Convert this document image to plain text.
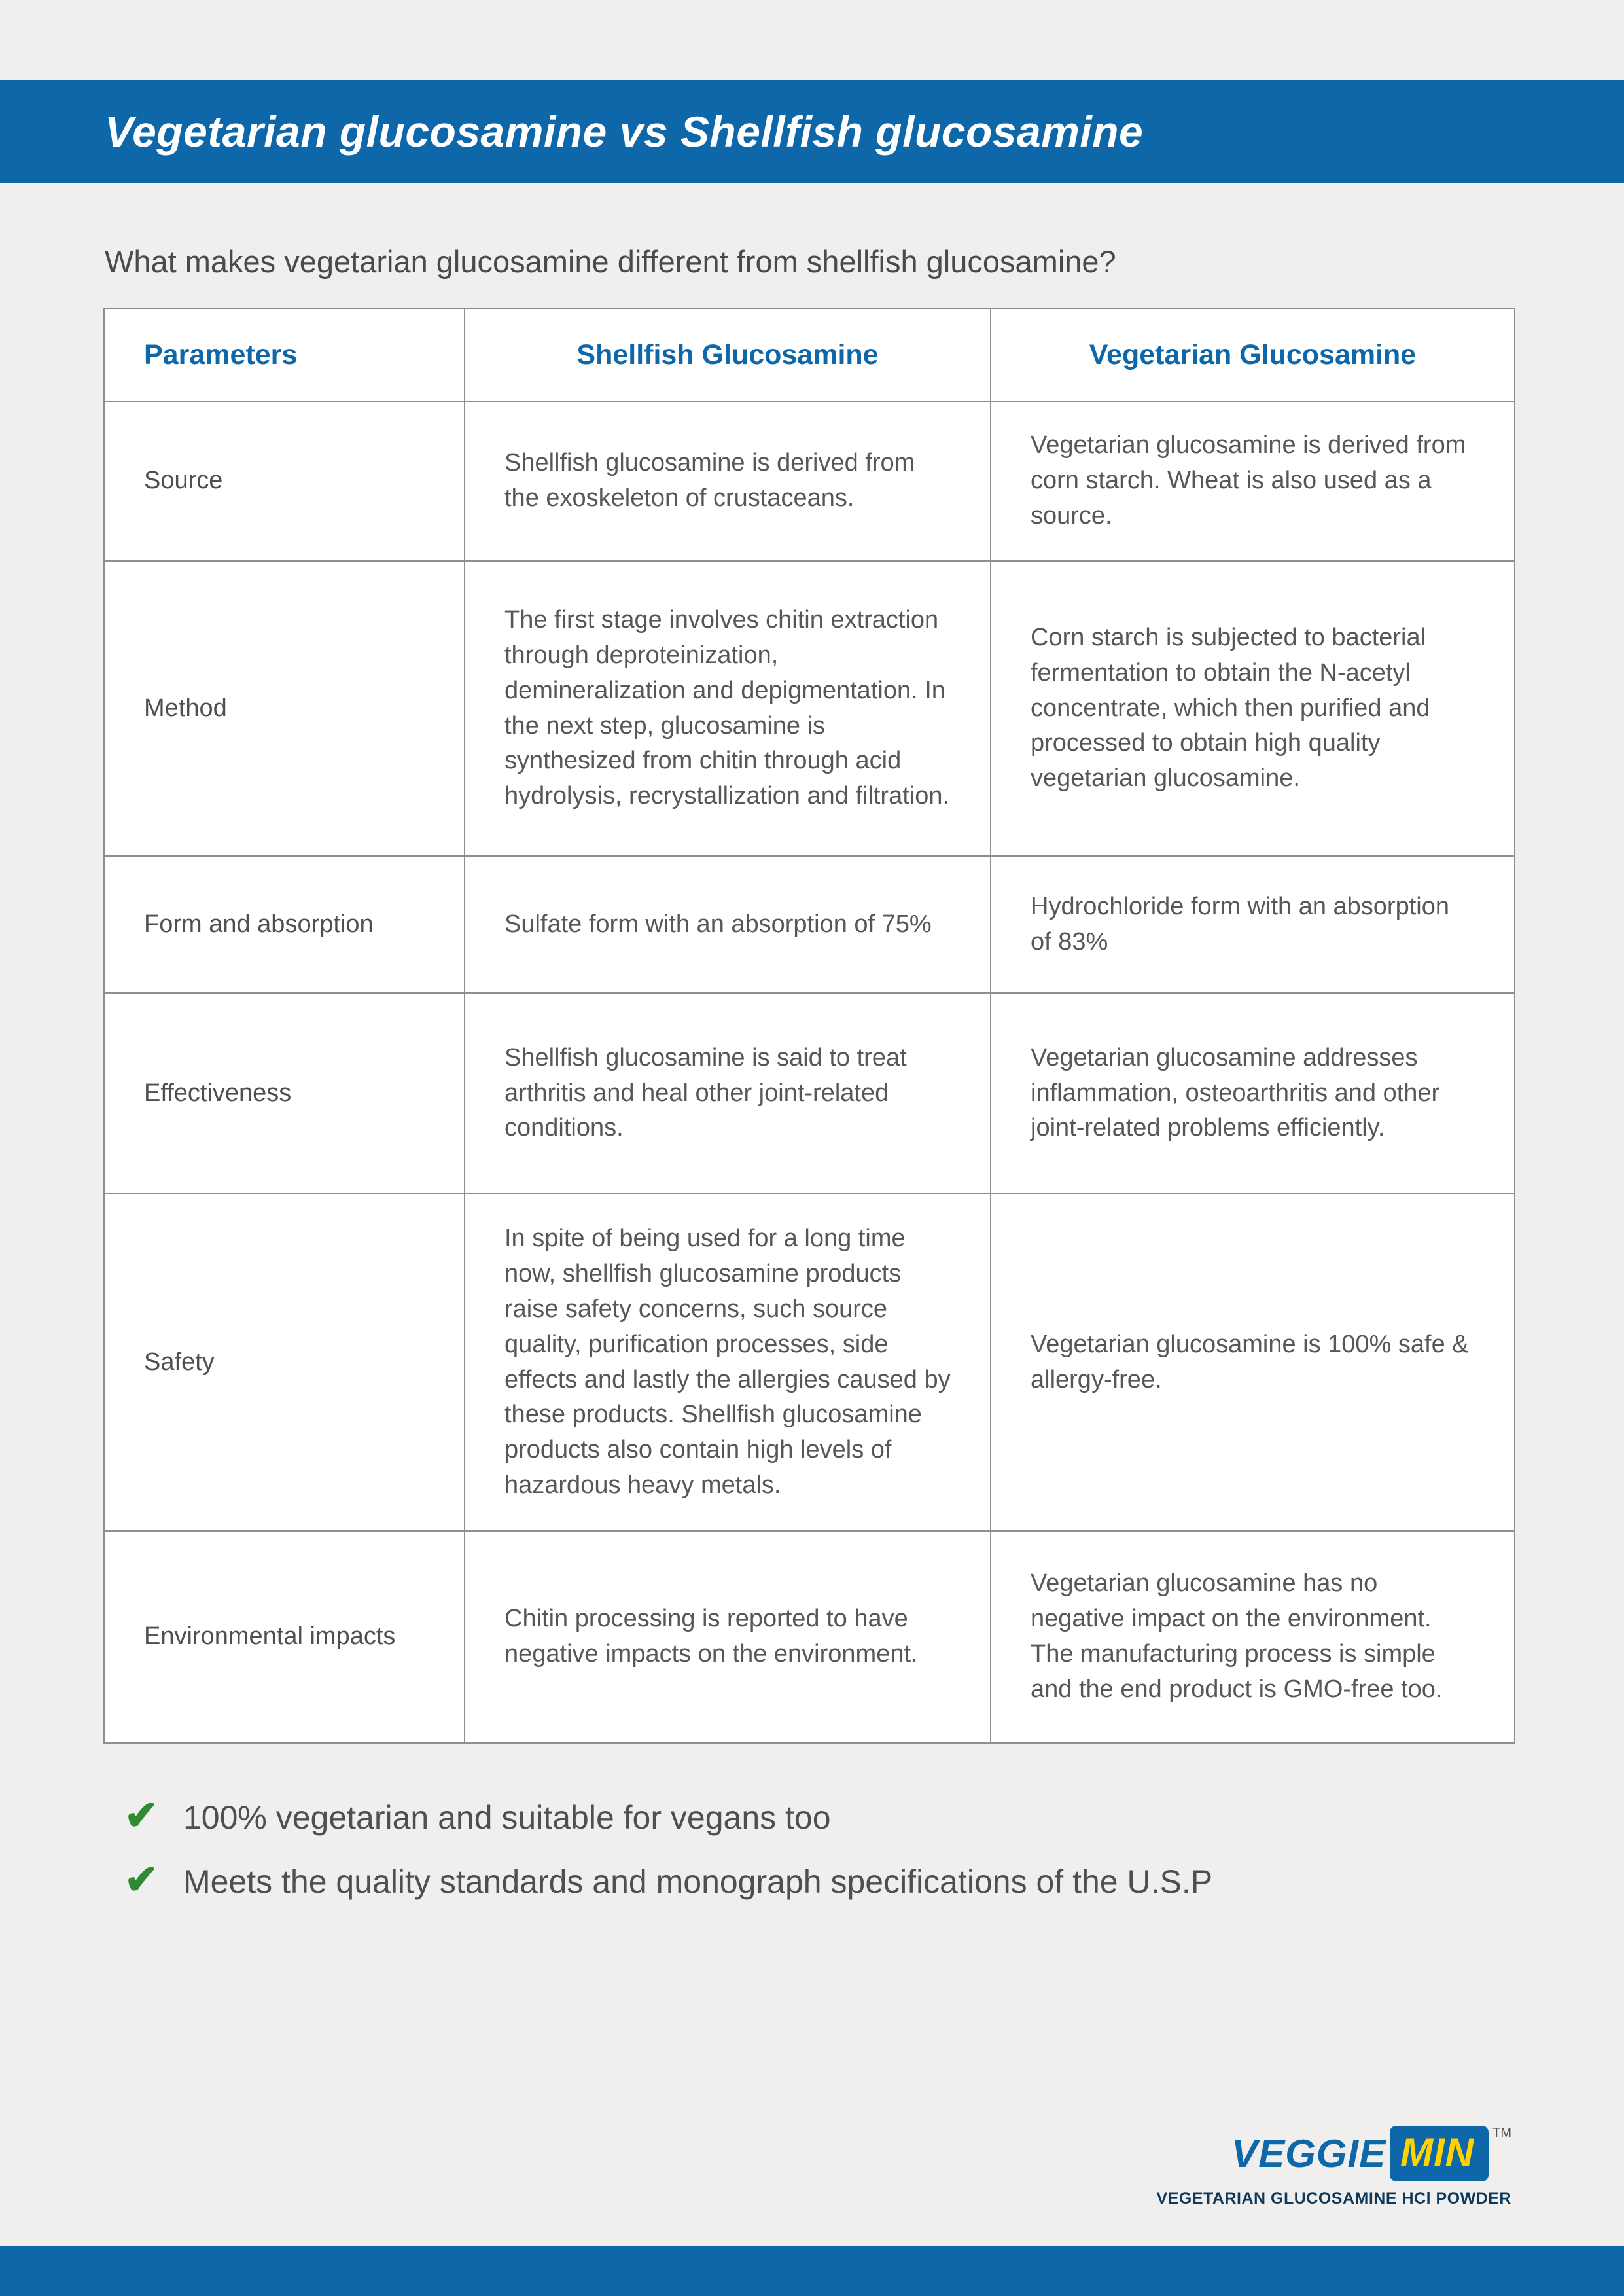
Vegetarian glucosamine vs Shellfish glucosamine

What makes vegetarian glucosamine different from shellfish glucosamine?

Parameters	Shellfish Glucosamine	Vegetarian Glucosamine
Source	Shellfish glucosamine is derived from the exoskeleton of crustaceans.	Vegetarian glucosamine is derived from corn starch. Wheat is also used as a source.
Method	The first stage involves chitin extraction through deproteinization, demineralization and depigmentation. In the next step, glucosamine is synthesized from chitin through acid hydrolysis, recrystallization and filtration.	Corn starch is subjected to bacterial fermentation to obtain the N-acetyl concentrate, which then purified and processed to obtain high quality vegetarian glucosamine.
Form and absorption	Sulfate form with an absorption of 75%	Hydrochloride form with an absorption of 83%
Effectiveness	Shellfish glucosamine is said to treat arthritis and heal other joint-related conditions.	Vegetarian glucosamine addresses inflammation, osteoarthritis and other joint-related problems efficiently.
Safety	In spite of being used for a long time now, shellfish glucosamine products raise safety concerns, such source quality, purification processes, side effects and lastly the allergies caused by these products. Shellfish glucosamine products also contain high levels of hazardous heavy metals.	Vegetarian glucosamine is 100% safe & allergy-free.
Environmental impacts	Chitin processing is reported to have negative impacts on the environment.	Vegetarian glucosamine has no negative impact on the environment. The manufacturing process is simple and the end product is GMO-free too.
✔ 100% vegetarian and suitable for vegans too
✔ Meets the quality standards and monograph specifications of the U.S.P
VEGGIE MIN	TM
VEGETARIAN GLUCOSAMINE HCl POWDER
